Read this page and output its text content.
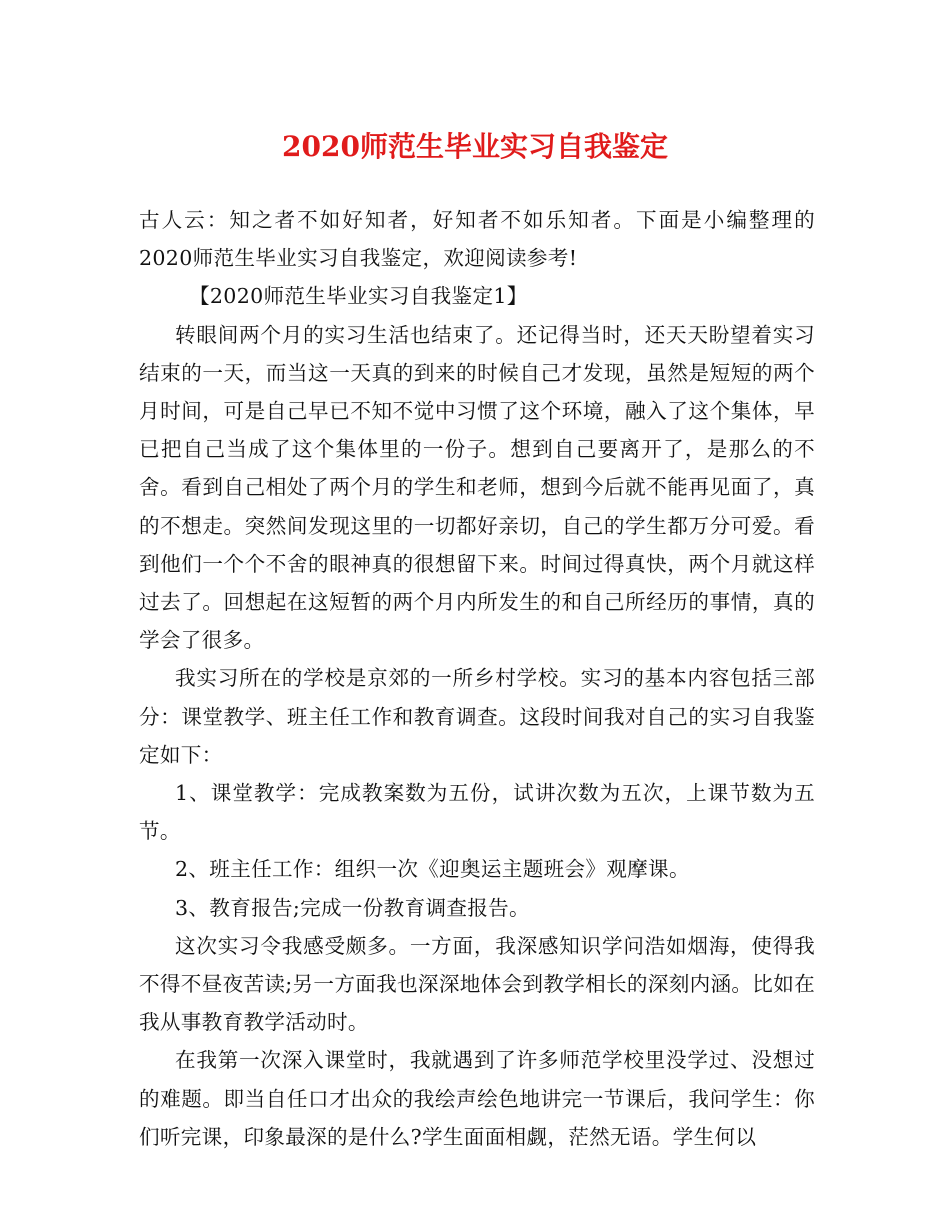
2020师范生毕业实习自我鉴定

古人云：知之者不如好知者，好知者不如乐知者。下面是小编整理的2020师范生毕业实习自我鉴定，欢迎阅读参考!

【2020师范生毕业实习自我鉴定1】

转眼间两个月的实习生活也结束了。还记得当时，还天天盼望着实习结束的一天，而当这一天真的到来的时候自己才发现，虽然是短短的两个月时间，可是自己早已不知不觉中习惯了这个环境，融入了这个集体，早已把自己当成了这个集体里的一份子。想到自己要离开了，是那么的不舍。看到自己相处了两个月的学生和老师，想到今后就不能再见面了，真的不想走。突然间发现这里的一切都好亲切，自己的学生都万分可爱。看到他们一个个不舍的眼神真的很想留下来。时间过得真快，两个月就这样过去了。回想起在这短暂的两个月内所发生的和自己所经历的事情，真的学会了很多。

我实习所在的学校是京郊的一所乡村学校。实习的基本内容包括三部分：课堂教学、班主任工作和教育调查。这段时间我对自己的实习自我鉴定如下：

1、课堂教学：完成教案数为五份，试讲次数为五次，上课节数为五节。

2、班主任工作：组织一次《迎奥运主题班会》观摩课。

3、教育报告;完成一份教育调查报告。

这次实习令我感受颇多。一方面，我深感知识学问浩如烟海，使得我不得不昼夜苦读;另一方面我也深深地体会到教学相长的深刻内涵。比如在我从事教育教学活动时。

在我第一次深入课堂时，我就遇到了许多师范学校里没学过、没想过的难题。即当自任口才出众的我绘声绘色地讲完一节课后，我问学生：你们听完课，印象最深的是什么?学生面面相觑，茫然无语。学生何以
